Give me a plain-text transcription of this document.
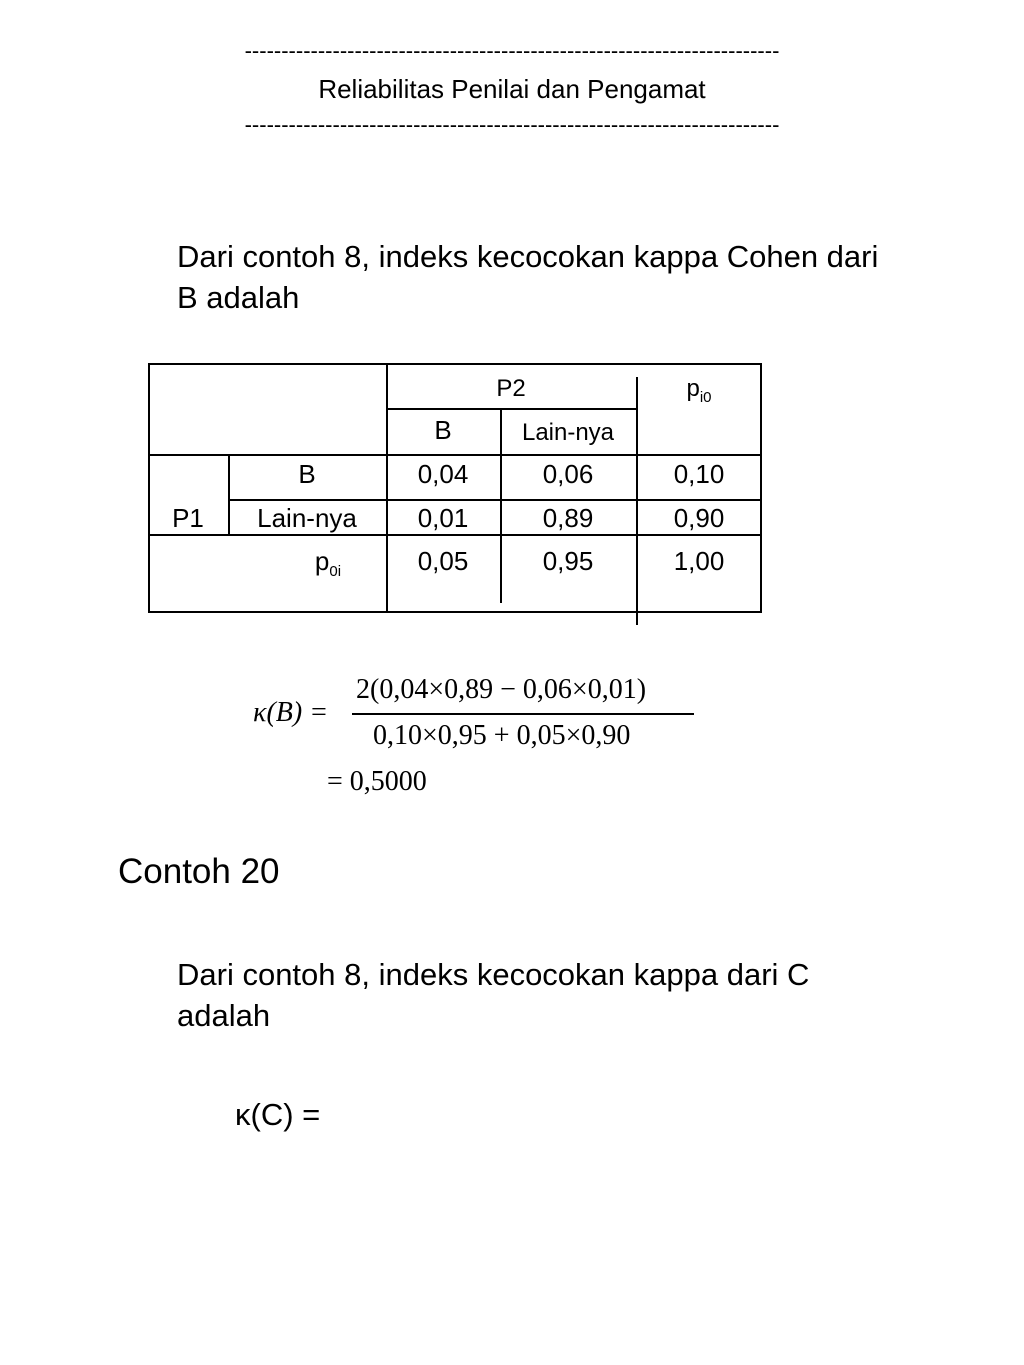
-------------------------------------------------------------------------
Reliabilitas Penilai dan Pengamat
-------------------------------------------------------------------------
Dari contoh 8, indeks kecocokan kappa Cohen dari B adalah
P2	$p_{i0}$
B	Lain-nya
P1
B	0,04	0,06	0,10
Lain-nya	0,01	0,89	0,90
$p_{0i}$	0,05	0,95	1,00
κ(B) =
2(0,04×0,89 − 0,06×0,01)
0,10×0,95 + 0,05×0,90
= 0,5000
Contoh 20
Dari contoh 8, indeks kecocokan kappa dari C adalah
κ(C) =
